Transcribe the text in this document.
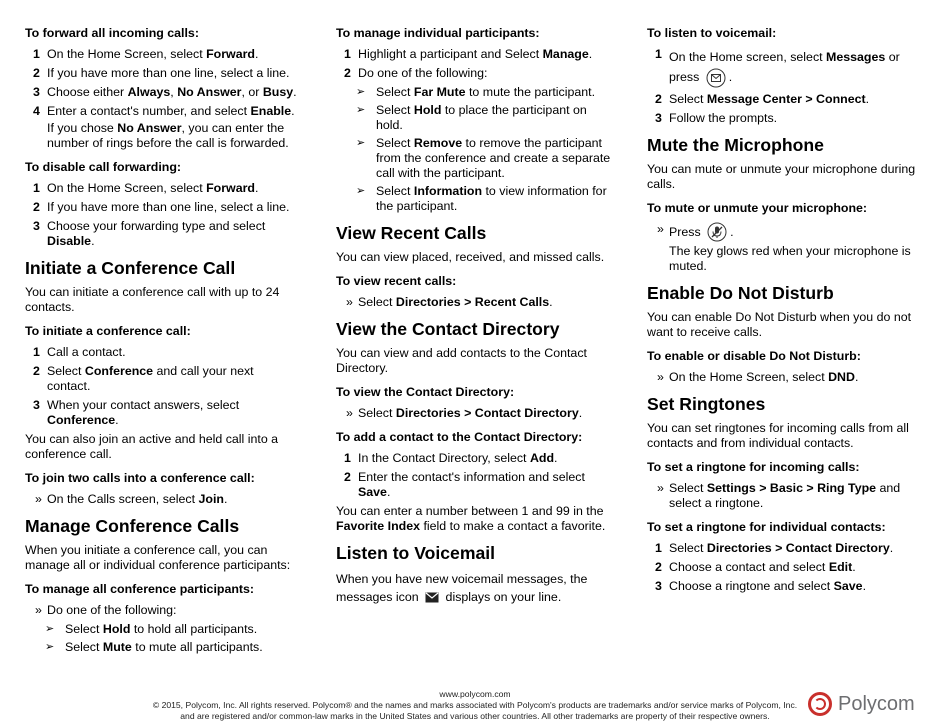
To forward all incoming calls:
1 On the Home Screen, select Forward.
2 If you have more than one line, select a line.
3 Choose either Always, No Answer, or Busy.
4 Enter a contact's number, and select Enable.
If you chose No Answer, you can enter the number of rings before the call is forwarded.
To disable call forwarding:
1 On the Home Screen, select Forward.
2 If you have more than one line, select a line.
3 Choose your forwarding type and select Disable.
Initiate a Conference Call

You can initiate a conference call with up to 24 contacts.

To initiate a conference call:
1 Call a contact.
2 Select Conference and call your next contact.
3 When your contact answers, select Conference.

You can also join an active and held call into a conference call.

To join two calls into a conference call:
» On the Calls screen, select Join.
Manage Conference Calls

When you initiate a conference call, you can manage all or individual conference participants:

To manage all conference participants:
» Do one of the following:
➢ Select Hold to hold all participants.
➢ Select Mute to mute all participants.
To manage individual participants:
1 Highlight a participant and Select Manage.
2 Do one of the following:
➢ Select Far Mute to mute the participant.
➢ Select Hold to place the participant on hold.
➢ Select Remove to remove the participant from the conference and create a separate call with the participant.
➢ Select Information to view information for the participant.
View Recent Calls

You can view placed, received, and missed calls.

To view recent calls:
» Select Directories > Recent Calls.
View the Contact Directory

You can view and add contacts to the Contact Directory.

To view the Contact Directory:
» Select Directories > Contact Directory.
To add a contact to the Contact Directory:
1 In the Contact Directory, select Add.
2 Enter the contact's information and select Save.

You can enter a number between 1 and 99 in the Favorite Index field to make a contact a favorite.

Listen to Voicemail

When you have new voicemail messages, the messages icon  displays on your line.

To listen to voicemail:
1 On the Home screen, select Messages or press .
2 Select Message Center > Connect.
3 Follow the prompts.
Mute the Microphone

You can mute or unmute your microphone during calls.

To mute or unmute your microphone:
» Press .
The key glows red when your microphone is muted.
Enable Do Not Disturb

You can enable Do Not Disturb when you do not want to receive calls.

To enable or disable Do Not Disturb:
» On the Home Screen, select DND.
Set Ringtones

You can set ringtones for incoming calls from all contacts and from individual contacts.

To set a ringtone for incoming calls:
» Select Settings > Basic > Ring Type and select a ringtone.
To set a ringtone for individual contacts:
1 Select Directories > Contact Directory.
2 Choose a contact and select Edit.
3 Choose a ringtone and select Save.
www.polycom.com
© 2015, Polycom, Inc. All rights reserved. Polycom® and the names and marks associated with Polycom's products are trademarks and/or service marks of Polycom, Inc.
and are registered and/or common-law marks in the United States and various other countries. All other trademarks are property of their respective owners.
Polycom
